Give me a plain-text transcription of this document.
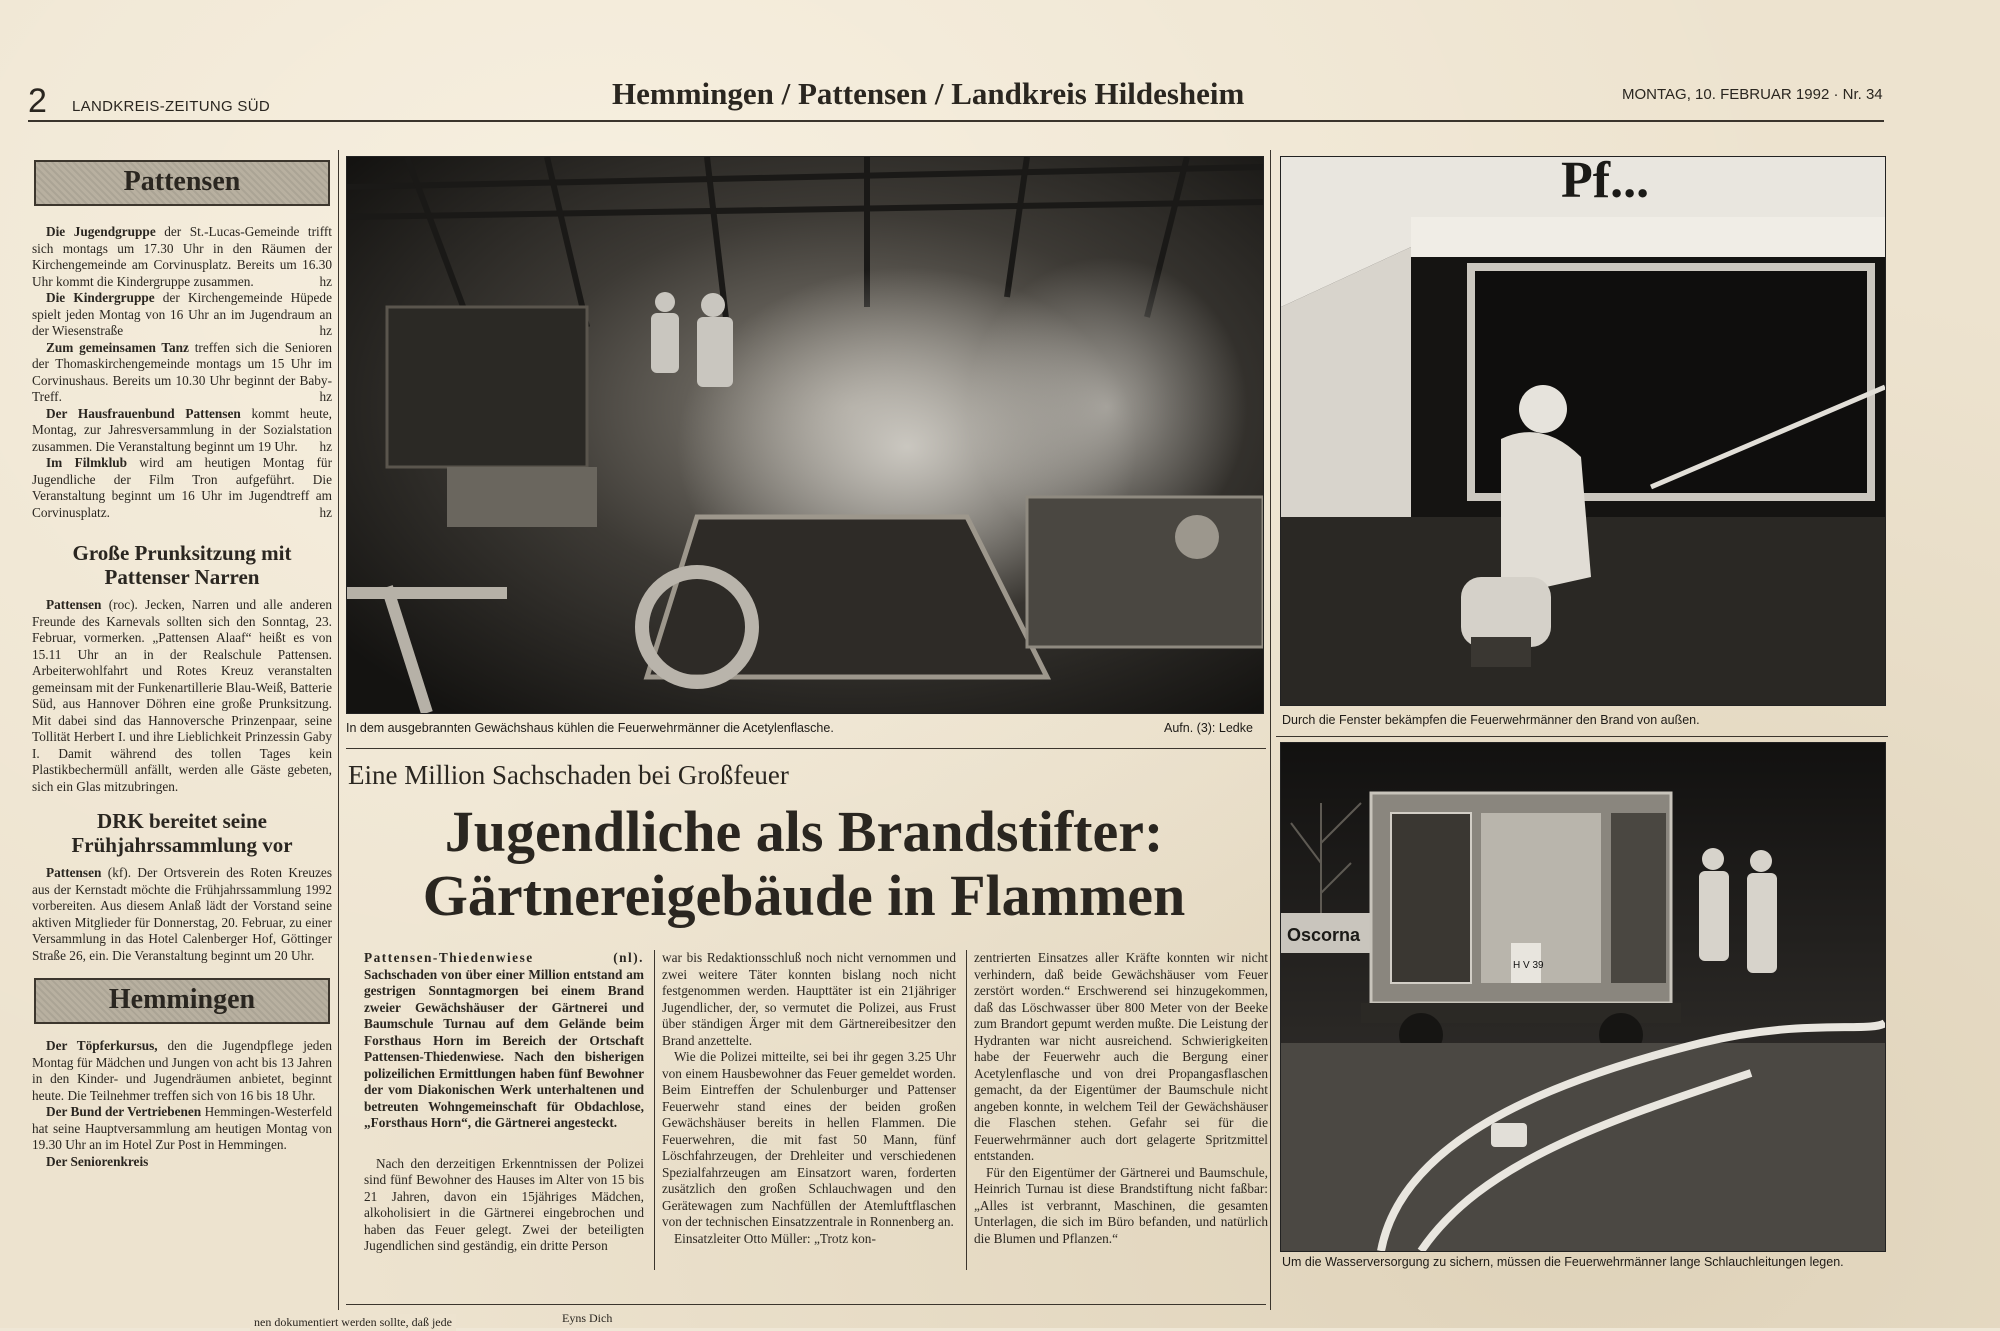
2 LANDKREIS-ZEITUNG SÜD	Hemmingen / Pattensen / Landkreis Hildesheim	MONTAG, 10. FEBRUAR 1992 · Nr. 34
Pattensen

Die Jugendgruppe der St.-Lucas-Gemeinde trifft sich montags um 17.30 Uhr in den Räumen der Kirchengemeinde am Corvinusplatz. Bereits um 16.30 Uhr kommt die Kindergruppe zusammen.	hz

Die Kindergruppe der Kirchengemeinde Hüpede spielt jeden Montag von 16 Uhr an im Jugendraum an der Wiesenstraße	hz

Zum gemeinsamen Tanz treffen sich die Senioren der Thomaskirchengemeinde montags um 15 Uhr im Corvinushaus. Bereits um 10.30 Uhr beginnt der Baby-Treff.	hz

Der Hausfrauenbund Pattensen kommt heute, Montag, zur Jahresversammlung in der Sozialstation zusammen. Die Veranstaltung beginnt um 19 Uhr.	hz

Im Filmklub wird am heutigen Montag für Jugendliche der Film Tron aufgeführt. Die Veranstaltung beginnt um 16 Uhr im Jugendtreff am Corvinusplatz.	hz

Große Prunksitzung mit Pattenser Narren

Pattensen (roc). Jecken, Narren und alle anderen Freunde des Karnevals sollten sich den Sonntag, 23. Februar, vormerken. „Pattensen Alaaf“ heißt es von 15.11 Uhr an in der Realschule Pattensen. Arbeiterwohlfahrt und Rotes Kreuz veranstalten gemeinsam mit der Funkenartillerie Blau-Weiß, Batterie Süd, aus Hannover Döhren eine große Prunksitzung. Mit dabei sind das Hannoversche Prinzenpaar, seine Tollität Herbert I. und ihre Lieblichkeit Prinzessin Gaby I. Damit während des tollen Tages kein Plastikbechermüll anfällt, werden alle Gäste gebeten, sich ein Glas mitzubringen.

DRK bereitet seine Frühjahrssammlung vor

Pattensen (kf). Der Ortsverein des Roten Kreuzes aus der Kernstadt möchte die Frühjahrssammlung 1992 vorbereiten. Aus diesem Anlaß lädt der Vorstand seine aktiven Mitglieder für Donnerstag, 20. Februar, zu einer Versammlung in das Hotel Calenberger Hof, Göttinger Straße 26, ein. Die Veranstaltung beginnt um 20 Uhr.

Hemmingen

Der Töpferkursus, den die Jugendpflege jeden Montag für Mädchen und Jungen von acht bis 13 Jahren in den Kinder- und Jugendräumen anbietet, beginnt heute. Die Teilnehmer treffen sich von 16 bis 18 Uhr.

Der Bund der Vertriebenen Hemmingen-Westerfeld hat seine Hauptversammlung am heutigen Montag von 19.30 Uhr an im Hotel Zur Post in Hemmingen.

Der Seniorenkreis

In dem ausgebrannten Gewächshaus kühlen die Feuerwehrmänner die Acetylenflasche.	Aufn. (3): Ledke
Pf...
Durch die Fenster bekämpfen die Feuerwehrmänner den Brand von außen.
Oscorna
H V 39
Um die Wasserversorgung zu sichern, müssen die Feuerwehrmänner lange Schlauchleitungen legen.
Eine Million Sachschaden bei Großfeuer
Jugendliche als Brandstifter:
Gärtnereigebäude in Flammen

Pattensen-Thiedenwiese (nl). Sachschaden von über einer Million entstand am gestrigen Sonntagmorgen bei einem Brand zweier Gewächshäuser der Gärtnerei und Baumschule Turnau auf dem Gelände beim Forsthaus Horn im Bereich der Ortschaft Pattensen-Thiedenwiese. Nach den bisherigen polizeilichen Ermittlungen haben fünf Bewohner der vom Diakonischen Werk unterhaltenen und betreuten Wohngemeinschaft für Obdachlose, „Forsthaus Horn“, die Gärtnerei angesteckt.

Nach den derzeitigen Erkenntnissen der Polizei sind fünf Bewohner des Hauses im Alter von 15 bis 21 Jahren, davon ein 15jähriges Mädchen, alkoholisiert in die Gärtnerei eingebrochen und haben das Feuer gelegt. Zwei der beteiligten Jugendlichen sind geständig, ein dritte Person

war bis Redaktionsschluß noch nicht vernommen und zwei weitere Täter konnten bislang noch nicht festgenommen werden. Haupttäter ist ein 21jähriger Jugendlicher, der, so vermutet die Polizei, aus Frust über ständigen Ärger mit dem Gärtnereibesitzer den Brand anzettelte.

Wie die Polizei mitteilte, sei bei ihr gegen 3.25 Uhr von einem Hausbewohner das Feuer gemeldet worden. Beim Eintreffen der Schulenburger und Pattenser Feuerwehr stand eines der beiden großen Gewächshäuser bereits in hellen Flammen. Die Feuerwehren, die mit fast 50 Mann, fünf Löschfahrzeugen, der Drehleiter und verschiedenen Spezialfahrzeugen am Einsatzort waren, forderten zusätzlich den großen Schlauchwagen und den Gerätewagen zum Nachfüllen der Atemluftflaschen von der technischen Einsatzzentrale in Ronnenberg an.

Einsatzleiter Otto Müller: „Trotz kon-

zentrierten Einsatzes aller Kräfte konnten wir nicht verhindern, daß beide Gewächshäuser vom Feuer zerstört worden.“ Erschwerend sei hinzugekommen, daß das Löschwasser über 800 Meter von der Beeke zum Brandort gepumt werden mußte. Die Leistung der Hydranten war nicht ausreichend. Schwierigkeiten habe der Feuerwehr auch die Bergung einer Acetylenflasche und von drei Propangasflaschen gemacht, da der Eigentümer der Baumschule nicht angeben konnte, in welchem Teil der Gewächshäuser die Flaschen stehen. Gefahr sei für die Feuerwehrmänner auch dort gelagerte Spritzmittel entstanden.

Für den Eigentümer der Gärtnerei und Baumschule, Heinrich Turnau ist diese Brandstiftung nicht faßbar: „Alles ist verbrannt, Maschinen, die gesamten Unterlagen, die sich im Büro befanden, und natürlich die Blumen und Pflanzen.“

Eyns Dich
nen dokumentiert werden sollte, daß jede
